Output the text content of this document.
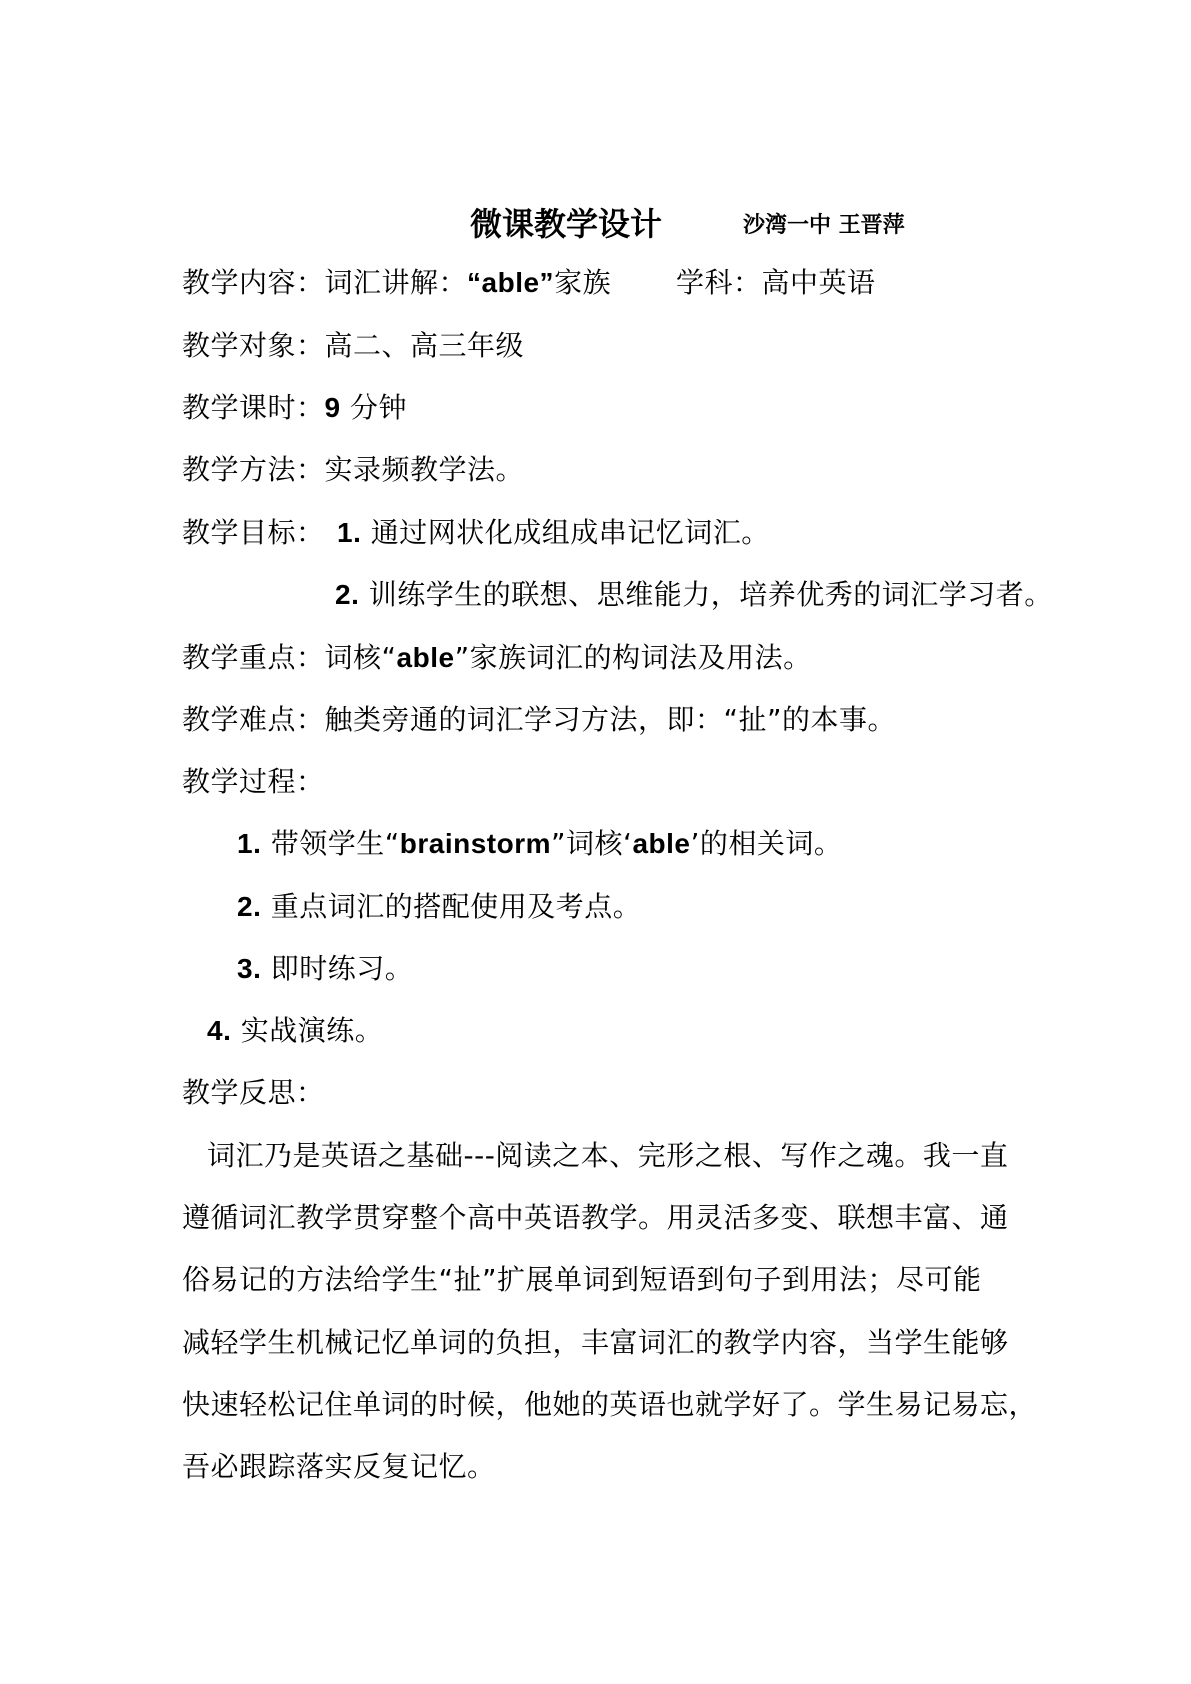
微课教学设计	沙湾一中 王晋萍
教学内容：词汇讲解：“able”家族 学科：高中英语
教学对象：高二、高三年级
教学课时：9 分钟
教学方法：实录频教学法。
教学目标： 1. 通过网状化成组成串记忆词汇。
2. 训练学生的联想、思维能力，培养优秀的词汇学习者。
教学重点：词核“able”家族词汇的构词法及用法。
教学难点：触类旁通的词汇学习方法，即：“扯”的本事。
教学过程：
1. 带领学生“brainstorm”词核‘able’的相关词。
2. 重点词汇的搭配使用及考点。
3. 即时练习。
4. 实战演练。
教学反思：
词汇乃是英语之基础---阅读之本、完形之根、写作之魂。我一直
遵循词汇教学贯穿整个高中英语教学。用灵活多变、联想丰富、通
俗易记的方法给学生“扯”扩展单词到短语到句子到用法；尽可能
减轻学生机械记忆单词的负担，丰富词汇的教学内容，当学生能够
快速轻松记住单词的时候，他她的英语也就学好了。学生易记易忘，
吾必跟踪落实反复记忆。
